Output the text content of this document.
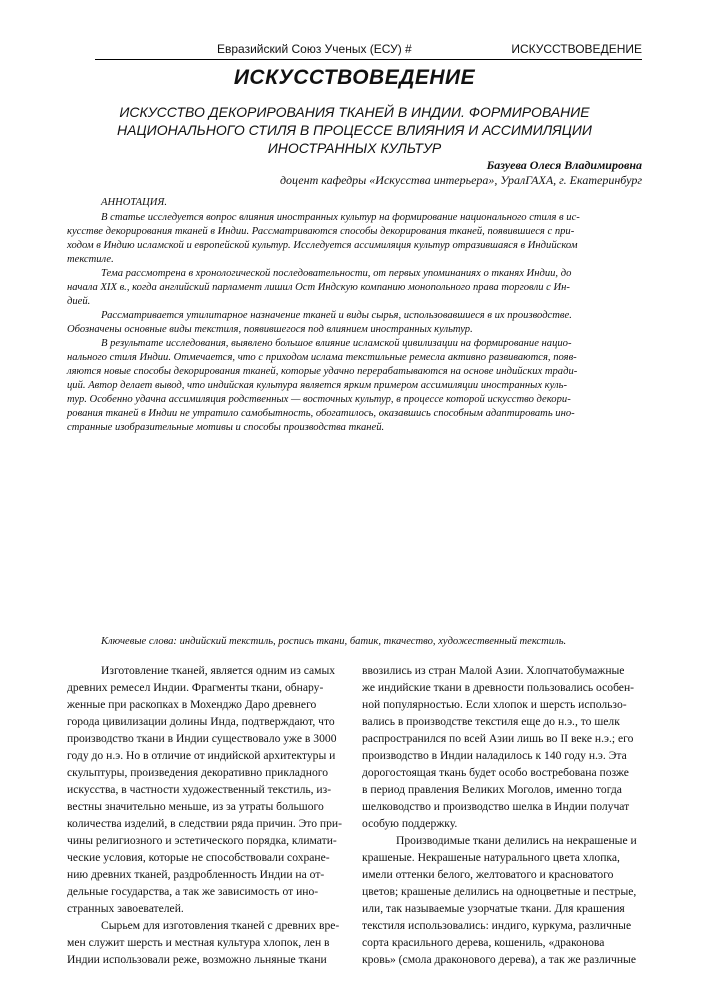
Евразийский Союз Ученых (ЕСУ) #	ИСКУССТВОВЕДЕНИЕ
ИСКУССТВОВЕДЕНИЕ
ИСКУССТВО ДЕКОРИРОВАНИЯ ТКАНЕЙ В ИНДИИ. ФОРМИРОВАНИЕ
НАЦИОНАЛЬНОГО СТИЛЯ В ПРОЦЕССЕ ВЛИЯНИЯ И АССИМИЛЯЦИИ
ИНОСТРАННЫХ КУЛЬТУР
Базуева Олеся Владимировна
доцент кафедры «Искусства интерьера», УралГАХА, г. Екатеринбург
АННОТАЦИЯ.
В статье исследуется вопрос влияния иностранных культур на формирование национального стиля в ис-
кусстве декорирования тканей в Индии. Рассматриваются способы декорирования тканей, появившиеся с при-
ходом в Индию исламской и европейской культур. Исследуется ассимиляция культур отразившаяся в Индийском
текстиле.
Тема рассмотрена в хронологической последовательности, от первых упоминаниях о тканях Индии, до
начала XIX в., когда английский парламент лишил Ост Индскую компанию монопольного права торговли с Ин-
дией.
Рассматривается утилитарное назначение тканей и виды сырья, использовавшиеся в их производстве.
Обозначены основные виды текстиля, появившегося под влиянием иностранных культур.
В результате исследования, выявлено большое влияние исламской цивилизации на формирование нацио-
нального стиля Индии. Отмечается, что с приходом ислама текстильные ремесла активно развиваются, появ-
ляются новые способы декорирования тканей, которые удачно перерабатываются на основе индийских тради-
ций. Автор делает вывод, что индийская культура является ярким примером ассимиляции иностранных куль-
тур. Особенно удачна ассимиляция родственных — восточных культур, в процессе которой искусство декори-
рования тканей в Индии не утратило самобытность, обогатилось, оказавшись способным адаптировать ино-
странные изобразительные мотивы и способы производства тканей.
Ключевые слова: индийский текстиль, роспись ткани, батик, ткачество, художественный текстиль.
Изготовление тканей, является одним из самых
древних ремесел Индии. Фрагменты ткани, обнару-
женные при раскопках в Мохенджо Даро древнего
города цивилизации долины Инда, подтверждают, что
производство ткани в Индии существовало уже в 3000
году до н.э. Но в отличие от индийской архитектуры и
скульптуры, произведения декоративно прикладного
искусства, в частности художественный текстиль, из-
вестны значительно меньше, из за утраты большого
количества изделий, в следствии ряда причин. Это при-
чины религиозного и эстетического порядка, климати-
ческие условия, которые не способствовали сохране-
нию древних тканей, раздробленность Индии на от-
дельные государства, а так же зависимость от ино-
странных завоевателей.
Сырьем для изготовления тканей с древних вре-
мен служит шерсть и местная культура хлопок, лен в
Индии использовали реже, возможно льняные ткани
ввозились из стран Малой Азии. Хлопчатобумажные
же индийские ткани в древности пользовались особен-
ной популярностью. Если хлопок и шерсть использо-
вались в производстве текстиля еще до н.э., то шелк
распространился по всей Азии лишь во II веке н.э.; его
производство в Индии наладилось к 140 году н.э. Эта
дорогостоящая ткань будет особо востребована позже
в период правления Великих Моголов, именно тогда
шелководство и производство шелка в Индии получат
особую поддержку.
Производимые ткани делились на некрашеные и
крашеные. Некрашеные натурального цвета хлопка,
имели оттенки белого, желтоватого и красноватого
цветов; крашеные делились на одноцветные и пестрые,
или, так называемые узорчатые ткани. Для крашения
текстиля использовались: индиго, куркума, различные
сорта красильного дерева, кошениль, «драконова
кровь» (смола драконового дерева), а так же различные
